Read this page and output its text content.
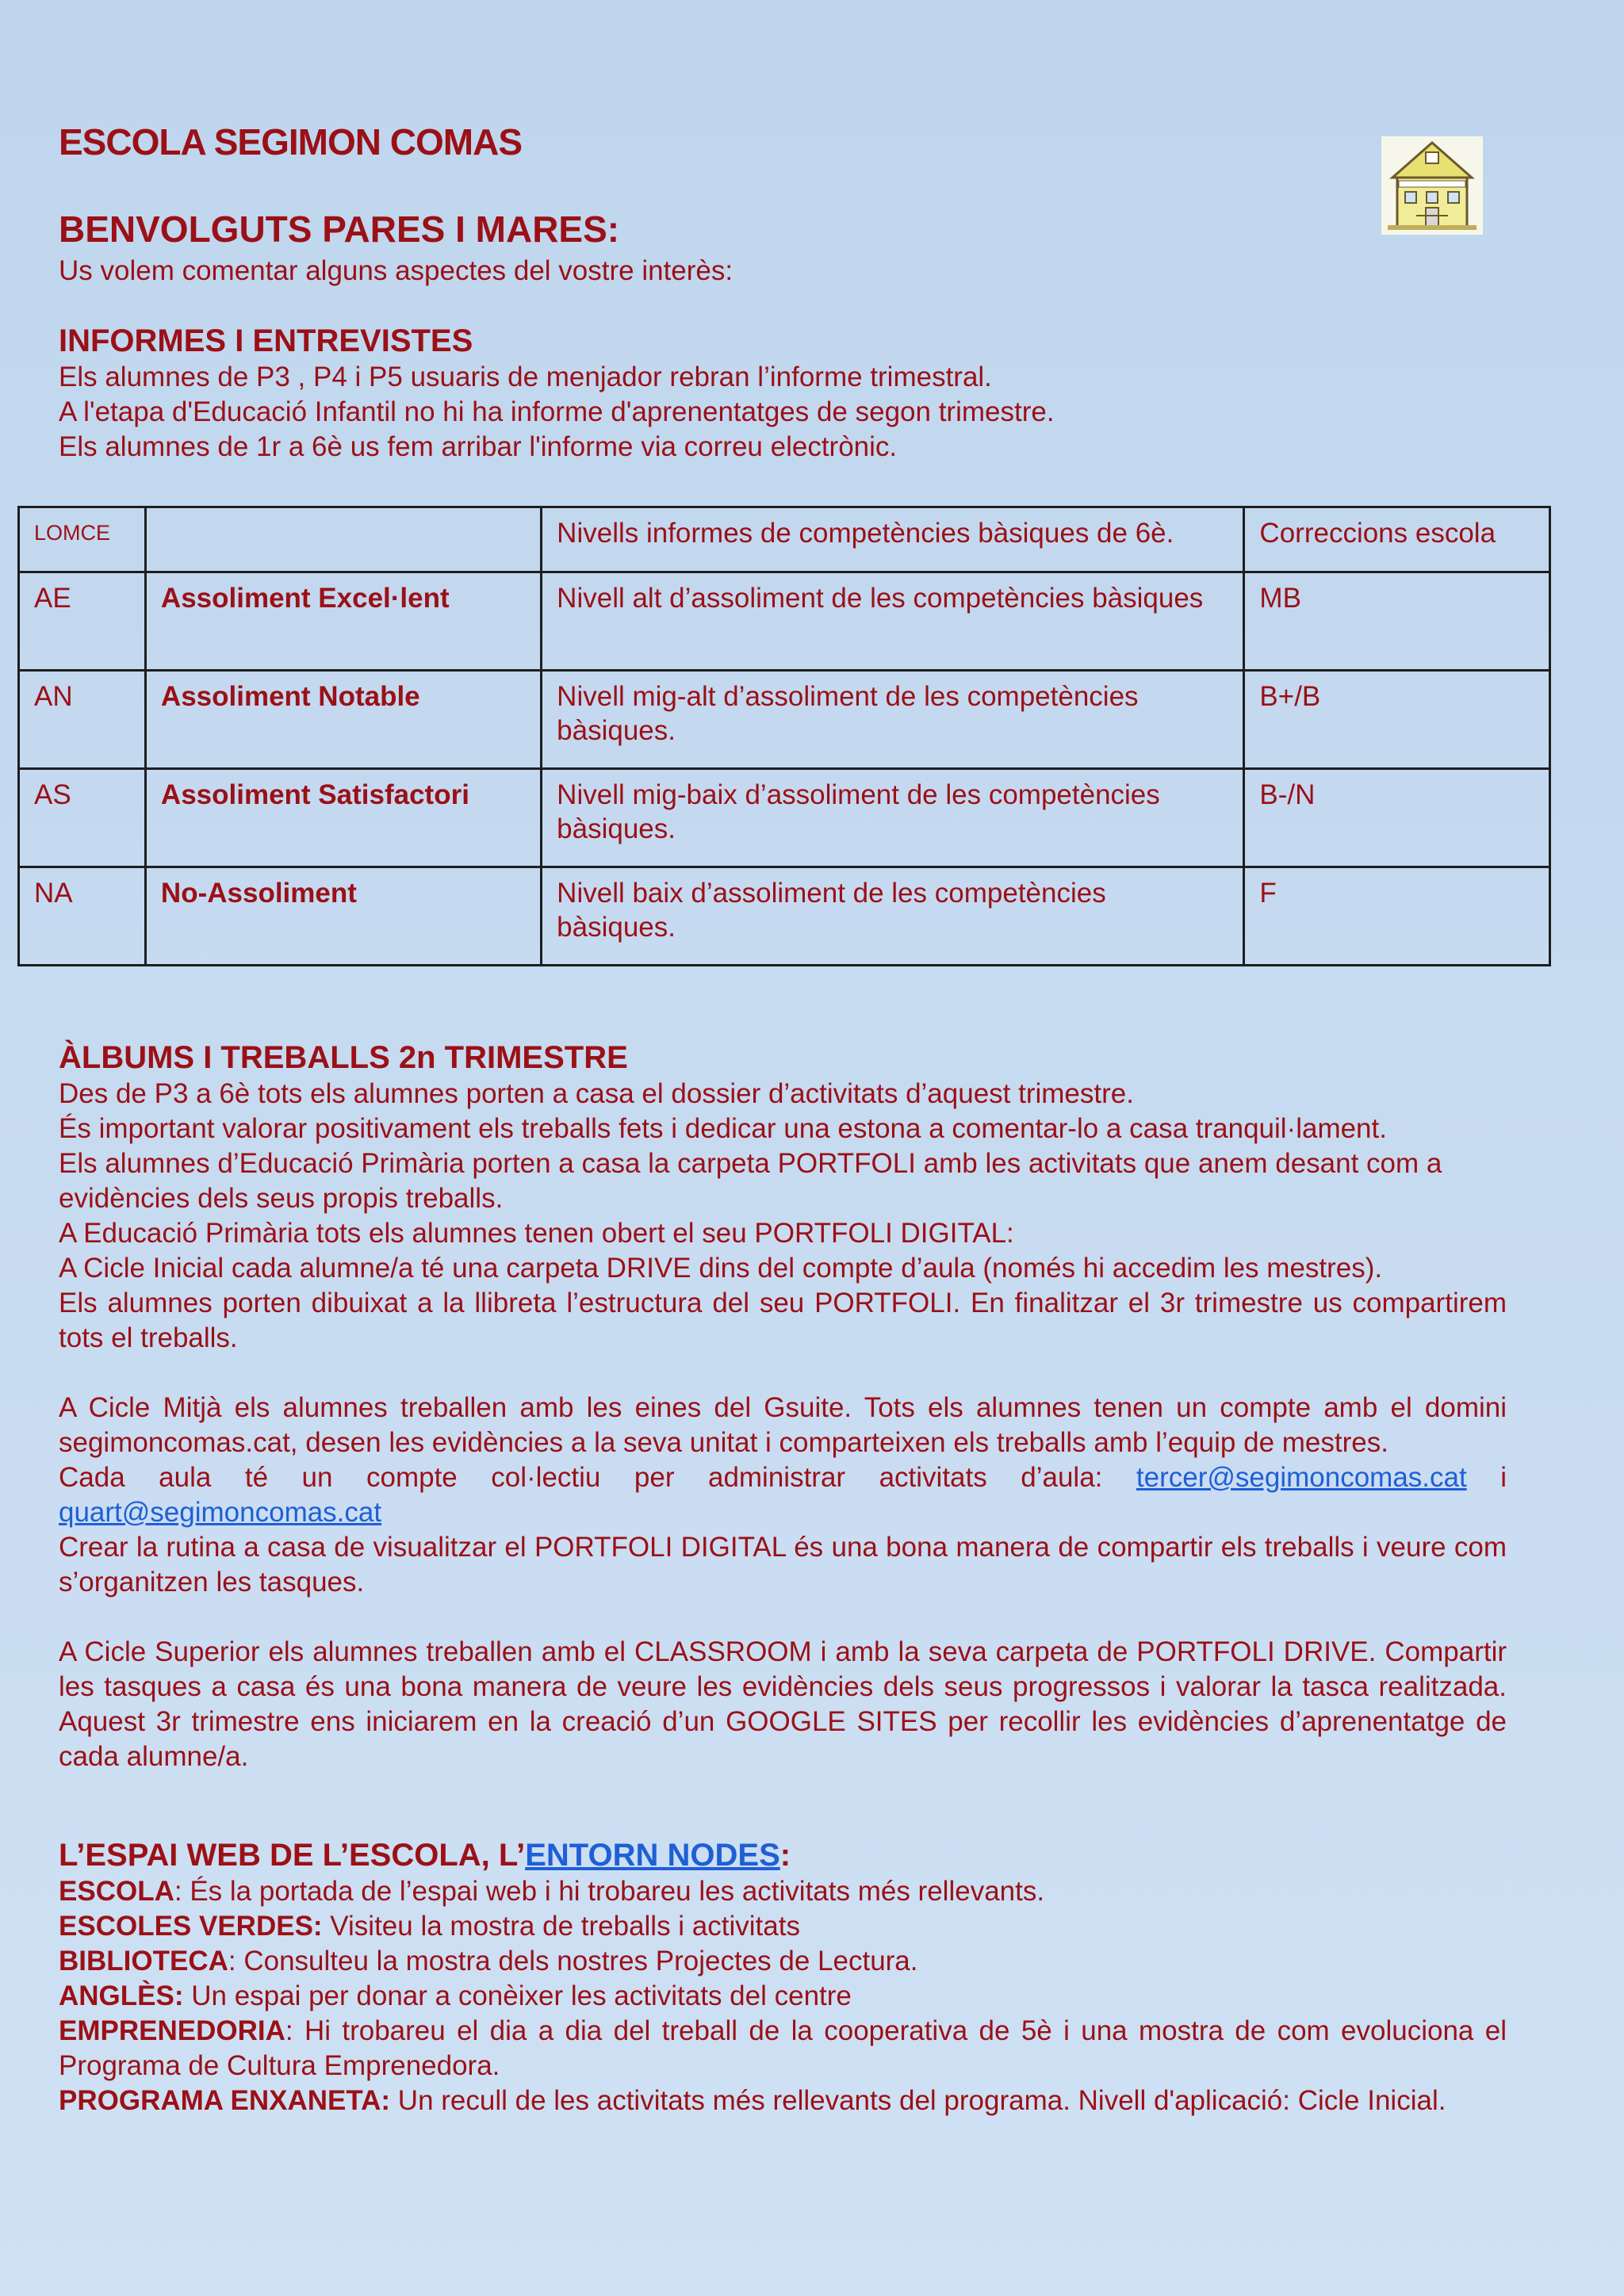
ESCOLA SEGIMON COMAS
BENVOLGUTS PARES I MARES:
Us volem comentar alguns aspectes del vostre interès:
INFORMES I ENTREVISTES
Els alumnes de P3 , P4 i P5 usuaris de menjador rebran l’informe trimestral.
A l'etapa d'Educació Infantil no hi ha informe d'aprenentatges de segon trimestre.
Els alumnes de 1r a 6è us fem arribar l'informe via correu electrònic.
LOMCE		Nivells informes de competències bàsiques de 6è.	Correccions escola
AE	Assoliment Excel·lent	Nivell alt d’assoliment de les competències bàsiques	MB
AN	Assoliment Notable	Nivell mig-alt d’assoliment de les competències bàsiques.	B+/B
AS	Assoliment Satisfactori	Nivell mig-baix d’assoliment de les competències bàsiques.	B-/N
NA	No-Assoliment	Nivell baix d’assoliment de les competències bàsiques.	F
ÀLBUMS I TREBALLS 2n TRIMESTRE

Des de P3 a 6è tots els alumnes porten a casa el dossier d’activitats d’aquest trimestre.

És important valorar positivament els treballs fets i dedicar una estona a comentar-lo a casa tranquil·lament.

Els alumnes d’Educació Primària porten a casa la carpeta PORTFOLI amb les activitats que anem desant com a evidències dels seus propis treballs.

A Educació Primària tots els alumnes tenen obert el seu PORTFOLI DIGITAL:

A Cicle Inicial cada alumne/a té una carpeta DRIVE dins del compte d’aula (només hi accedim les mestres).

Els alumnes porten dibuixat a la llibreta l’estructura del seu PORTFOLI. En finalitzar el 3r trimestre us compartirem tots el treballs.

A Cicle Mitjà els alumnes treballen amb les eines del Gsuite. Tots els alumnes tenen un compte amb el domini segimoncomas.cat, desen les evidències a la seva unitat i comparteixen els treballs amb l’equip de mestres.

Cada aula té un compte col·lectiu per administrar activitats d’aula: tercer@segimoncomas.cat i

quart@segimoncomas.cat

Crear la rutina a casa de visualitzar el PORTFOLI DIGITAL és una bona manera de compartir els treballs i veure com s’organitzen les tasques.

A Cicle Superior els alumnes treballen amb el CLASSROOM i amb la seva carpeta de PORTFOLI DRIVE. Compartir les tasques a casa és una bona manera de veure les evidències dels seus progressos i valorar la tasca realitzada. Aquest 3r trimestre ens iniciarem en la creació d’un GOOGLE SITES per recollir les evidències d’aprenentatge de cada alumne/a.

L’ESPAI WEB DE L’ESCOLA, L’ENTORN NODES:

ESCOLA: És la portada de l’espai web i hi trobareu les activitats més rellevants.

ESCOLES VERDES: Visiteu la mostra de treballs i activitats

BIBLIOTECA: Consulteu la mostra dels nostres Projectes de Lectura.

ANGLÈS: Un espai per donar a conèixer les activitats del centre

EMPRENEDORIA: Hi trobareu el dia a dia del treball de la cooperativa de 5è i una mostra de com evoluciona el Programa de Cultura Emprenedora.

PROGRAMA ENXANETA: Un recull de les activitats més rellevants del programa. Nivell d'aplicació: Cicle Inicial.
